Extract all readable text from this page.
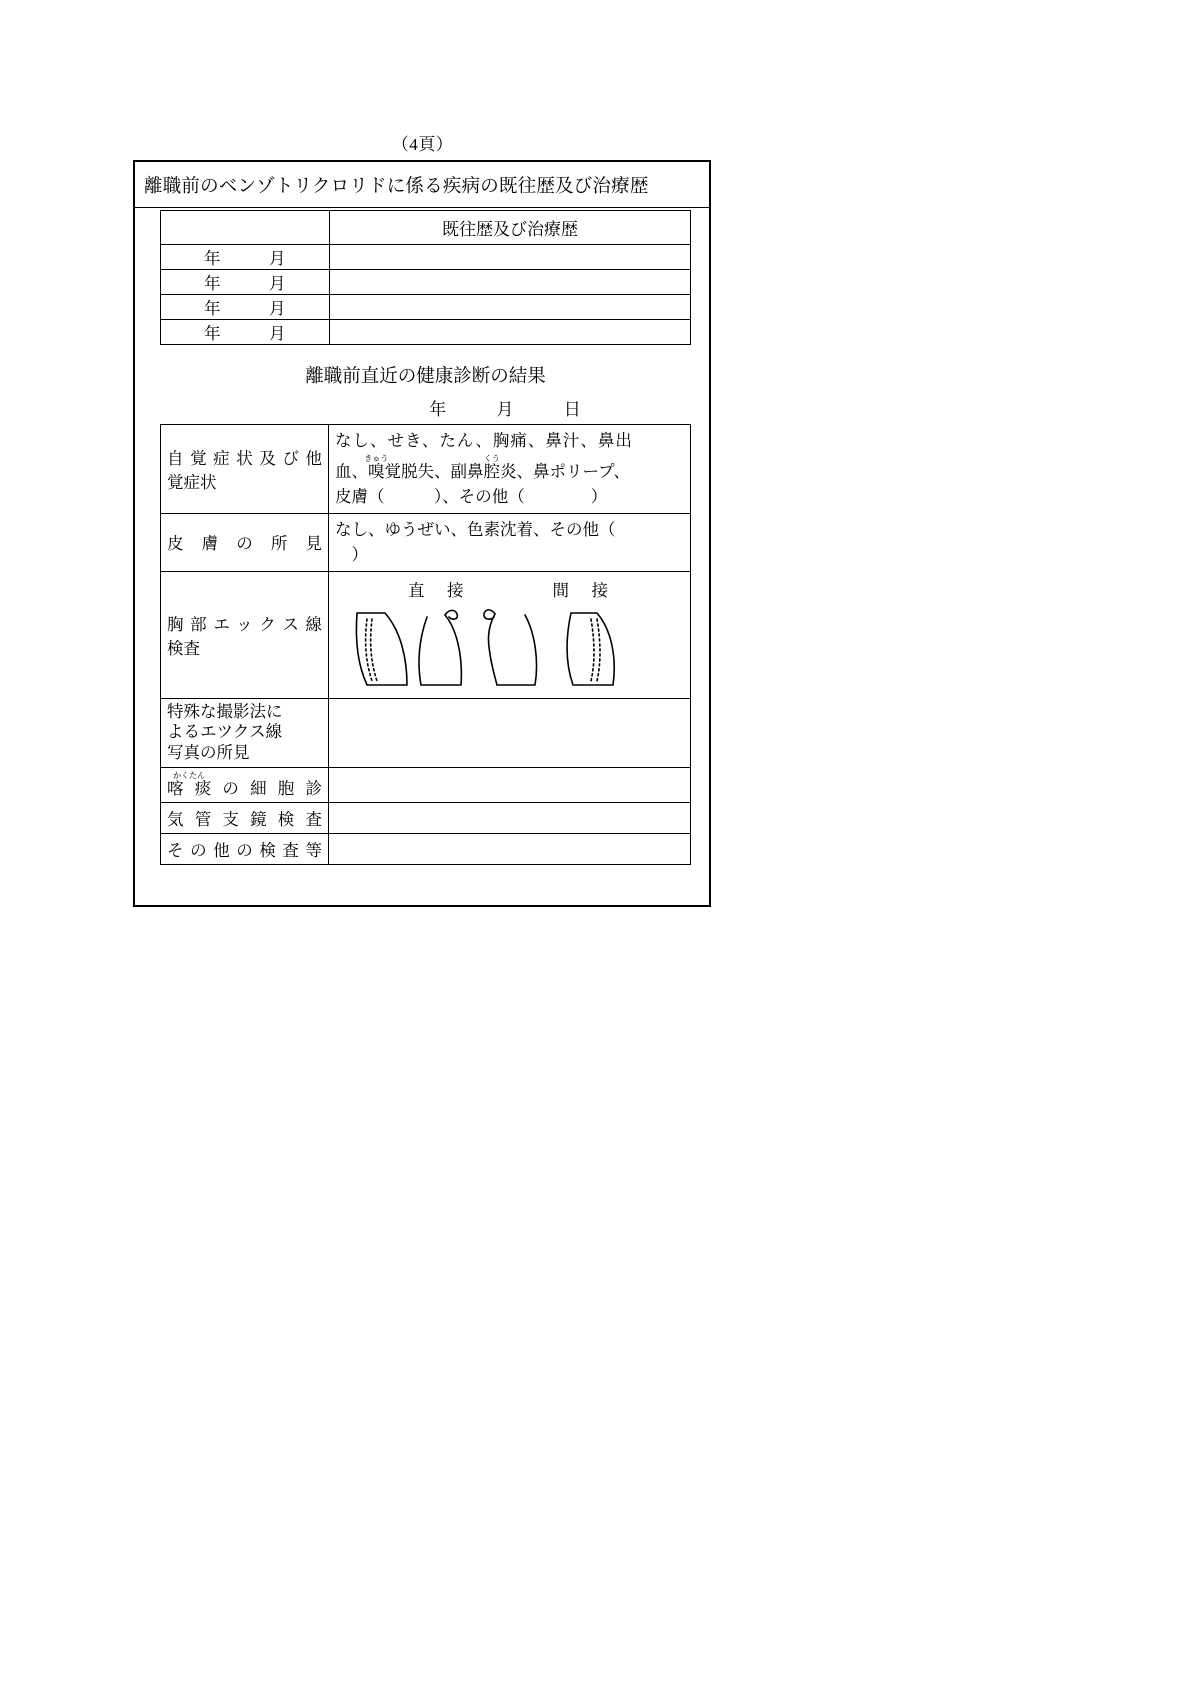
（4頁）
離職前のベンゾトリクロリドに係る疾病の既往歴及び治療歴
	既往歴及び治療歴

年 月	

年 月	

年 月	

年 月	

離職前直近の健康診断の結果
年	月	日
自覚症状及び他
覚症状	なし、せき、たん、胸痛、鼻汁、鼻出
血、嗅きゅう覚脱失、副鼻腔くう炎、鼻ポリープ、
皮膚（　　　）、その他（　　　　）

皮膚の所見	なし、ゆうぜい、色素沈着、その他（
　）

胸部エックス線
検査	直　接 間　接

特殊な撮影法に
よるエツクス線
写真の所見	

喀痰かくたんの細胞診	

気管支鏡検査	

その他の検査等	
